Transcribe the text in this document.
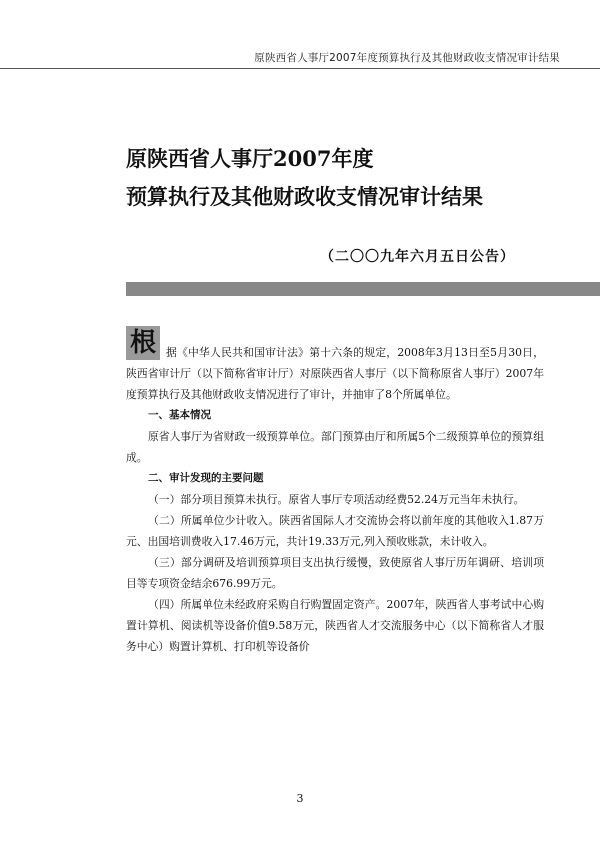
原陕西省人事厅2007年度预算执行及其他财政收支情况审计结果
原陕西省人事厅2007年度
预算执行及其他财政收支情况审计结果
（二〇〇九年六月五日公告）
根 据《中华人民共和国审计法》第十六条的规定，2008年3月13日至5月30日，陕西省审计厅（以下简称省审计厅）对原陕西省人事厅（以下简称原省人事厅）2007年度预算执行及其他财政收支情况进行了审计，并抽审了8个所属单位。

一、基本情况

原省人事厅为省财政一级预算单位。部门预算由厅和所属5个二级预算单位的预算组成。

二、审计发现的主要问题

（一）部分项目预算未执行。原省人事厅专项活动经费52.24万元当年未执行。

（二）所属单位少计收入。陕西省国际人才交流协会将以前年度的其他收入1.87万元、出国培训费收入17.46万元，共计19.33万元,列入预收账款，未计收入。

（三）部分调研及培训预算项目支出执行缓慢，致使原省人事厅历年调研、培训项目等专项资金结余676.99万元。

（四）所属单位未经政府采购自行购置固定资产。2007年，陕西省人事考试中心购置计算机、阅读机等设备价值9.58万元，陕西省人才交流服务中心（以下简称省人才服务中心）购置计算机、打印机等设备价

3
